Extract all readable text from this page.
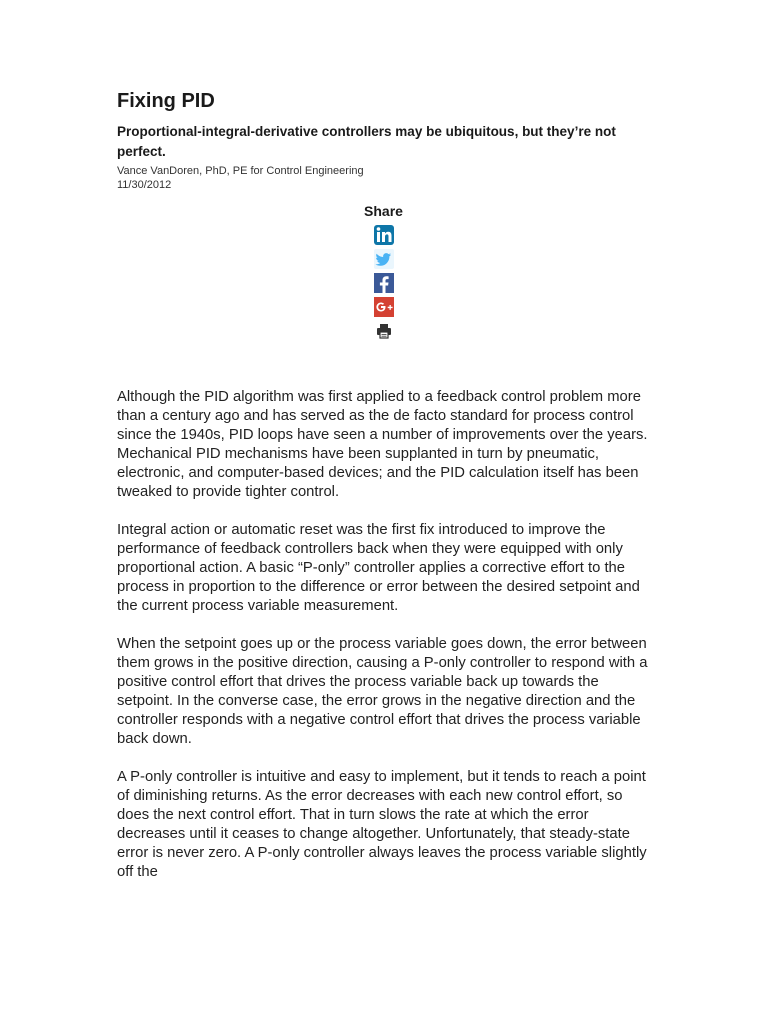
Fixing PID
Proportional-integral-derivative controllers may be ubiquitous, but they’re not perfect.
Vance VanDoren, PhD, PE for Control Engineering
11/30/2012
Share

Although the PID algorithm was first applied to a feedback control problem more than a century ago and has served as the de facto standard for process control since the 1940s, PID loops have seen a number of improvements over the years. Mechanical PID mechanisms have been supplanted in turn by pneumatic, electronic, and computer-based devices; and the PID calculation itself has been tweaked to provide tighter control.

Integral action or automatic reset was the first fix introduced to improve the performance of feedback controllers back when they were equipped with only proportional action. A basic “P-only” controller applies a corrective effort to the process in proportion to the difference or error between the desired setpoint and the current process variable measurement.

When the setpoint goes up or the process variable goes down, the error between them grows in the positive direction, causing a P-only controller to respond with a positive control effort that drives the process variable back up towards the setpoint. In the converse case, the error grows in the negative direction and the controller responds with a negative control effort that drives the process variable back down.

A P-only controller is intuitive and easy to implement, but it tends to reach a point of diminishing returns. As the error decreases with each new control effort, so does the next control effort. That in turn slows the rate at which the error decreases until it ceases to change altogether. Unfortunately, that steady-state error is never zero. A P-only controller always leaves the process variable slightly off the
